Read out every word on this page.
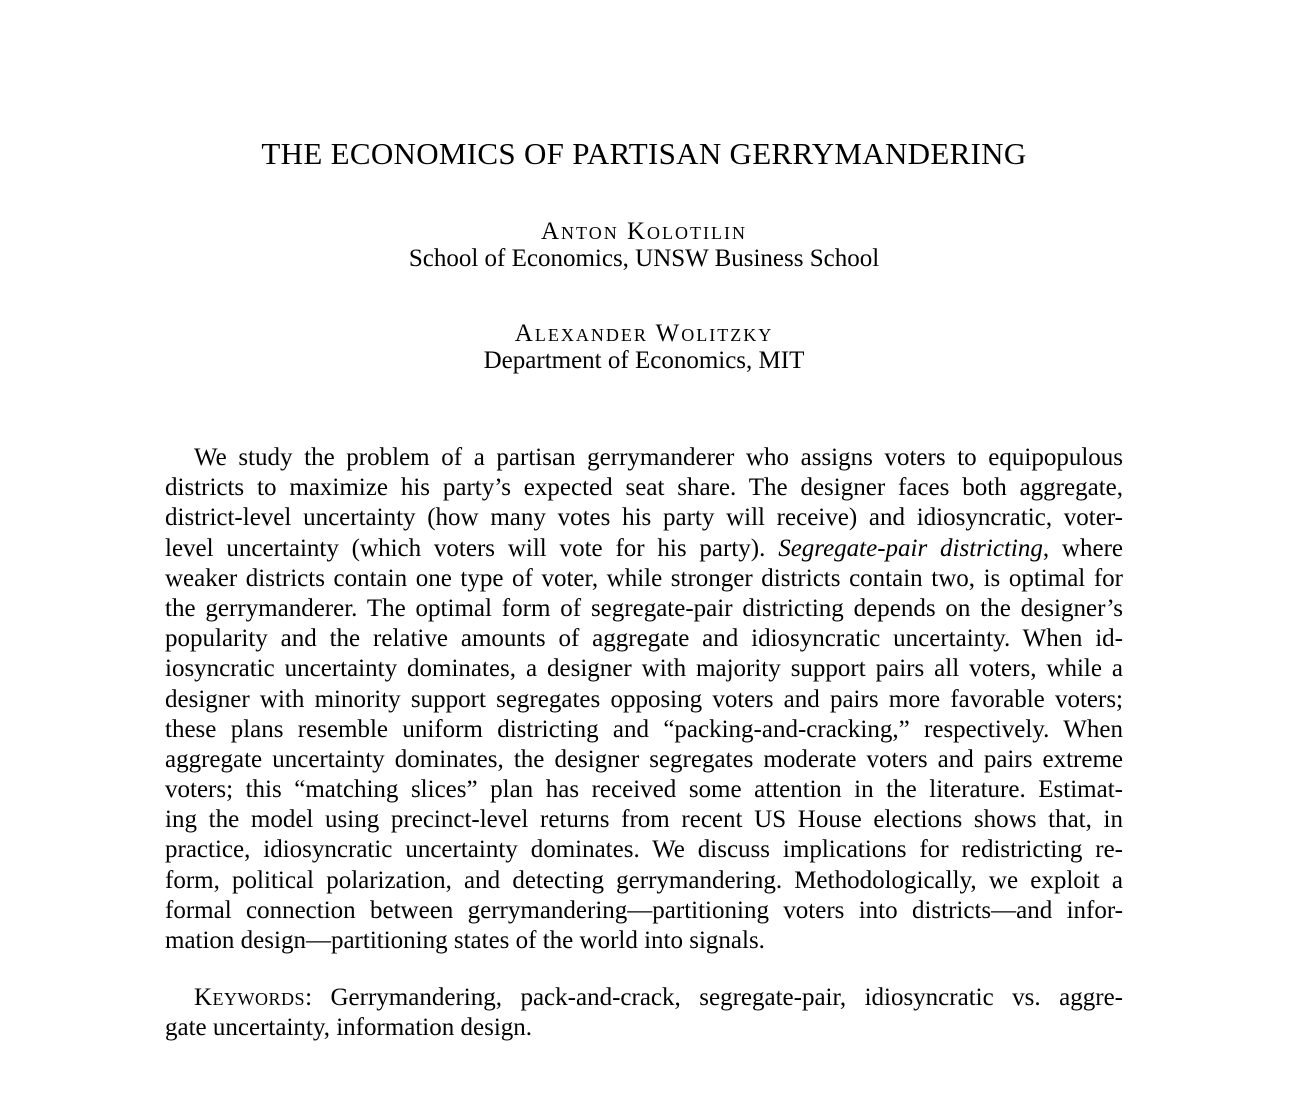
THE ECONOMICS OF PARTISAN GERRYMANDERING
Anton Kolotilin
School of Economics, UNSW Business School
Alexander Wolitzky
Department of Economics, MIT
We study the problem of a partisan gerrymanderer who assigns voters to equipopulous
districts to maximize his party’s expected seat share. The designer faces both aggregate,
district-level uncertainty (how many votes his party will receive) and idiosyncratic, voter-
level uncertainty (which voters will vote for his party). Segregate-pair districting, where
weaker districts contain one type of voter, while stronger districts contain two, is optimal for
the gerrymanderer. The optimal form of segregate-pair districting depends on the designer’s
popularity and the relative amounts of aggregate and idiosyncratic uncertainty. When id-
iosyncratic uncertainty dominates, a designer with majority support pairs all voters, while a
designer with minority support segregates opposing voters and pairs more favorable voters;
these plans resemble uniform districting and “packing-and-cracking,” respectively. When
aggregate uncertainty dominates, the designer segregates moderate voters and pairs extreme
voters; this “matching slices” plan has received some attention in the literature. Estimat-
ing the model using precinct-level returns from recent US House elections shows that, in
practice, idiosyncratic uncertainty dominates. We discuss implications for redistricting re-
form, political polarization, and detecting gerrymandering. Methodologically, we exploit a
formal connection between gerrymandering—partitioning voters into districts—and infor-
mation design—partitioning states of the world into signals.
Keywords: Gerrymandering, pack-and-crack, segregate-pair, idiosyncratic vs. aggre-
gate uncertainty, information design.
